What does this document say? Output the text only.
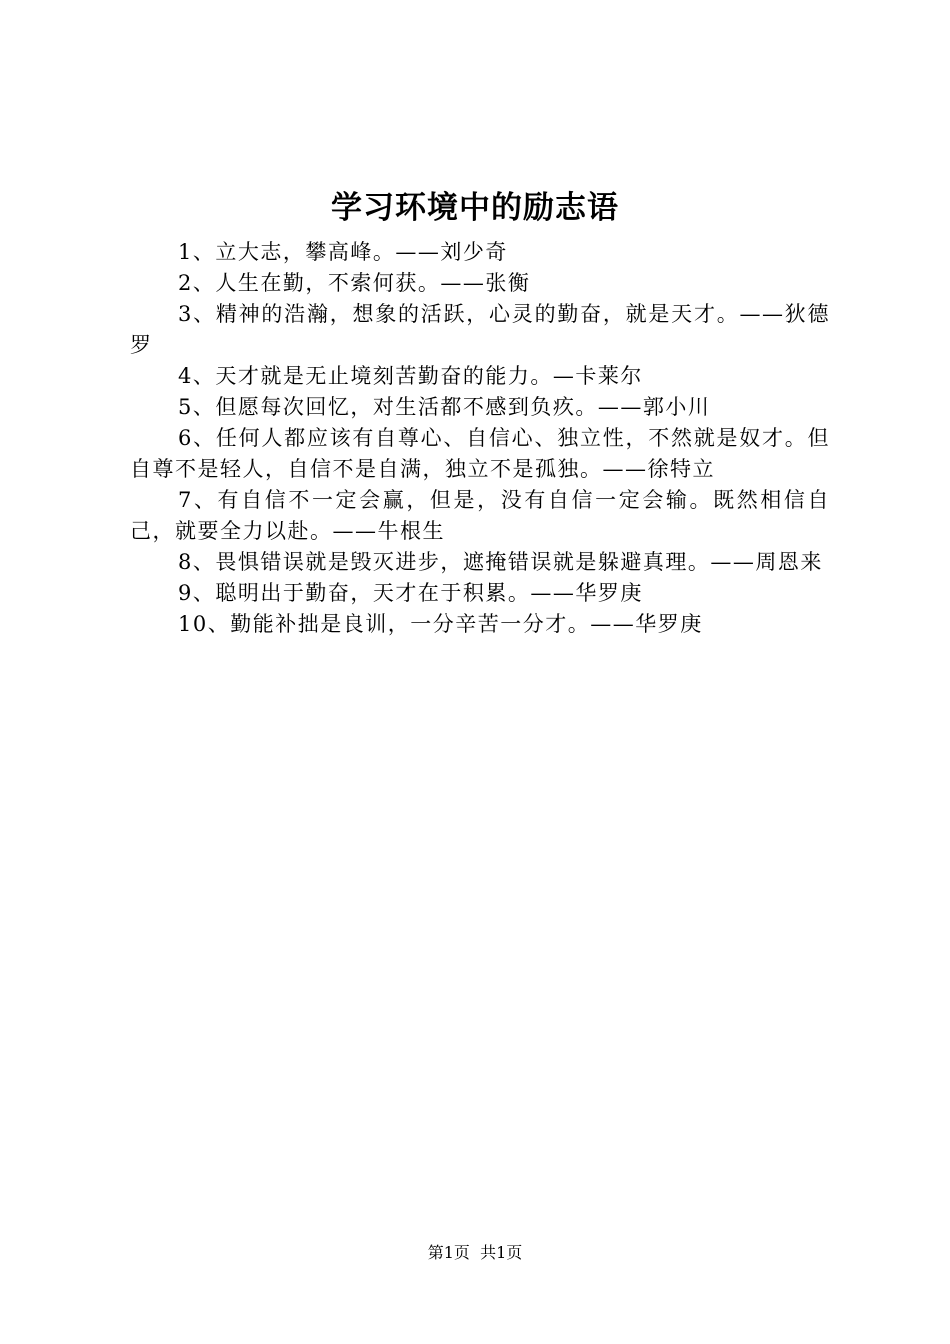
学习环境中的励志语

1、立大志，攀高峰。——刘少奇

2、人生在勤，不索何获。——张衡

3、精神的浩瀚，想象的活跃，心灵的勤奋，就是天才。——狄德罗

4、天才就是无止境刻苦勤奋的能力。—卡莱尔

5、但愿每次回忆，对生活都不感到负疚。——郭小川

6、任何人都应该有自尊心、自信心、独立性，不然就是奴才。但自尊不是轻人，自信不是自满，独立不是孤独。——徐特立

7、有自信不一定会赢，但是，没有自信一定会输。既然相信自己，就要全力以赴。——牛根生

8、畏惧错误就是毁灭进步，遮掩错误就是躲避真理。——周恩来

9、聪明出于勤奋，天才在于积累。——华罗庚

10、勤能补拙是良训，一分辛苦一分才。——华罗庚

第1页 共1页
